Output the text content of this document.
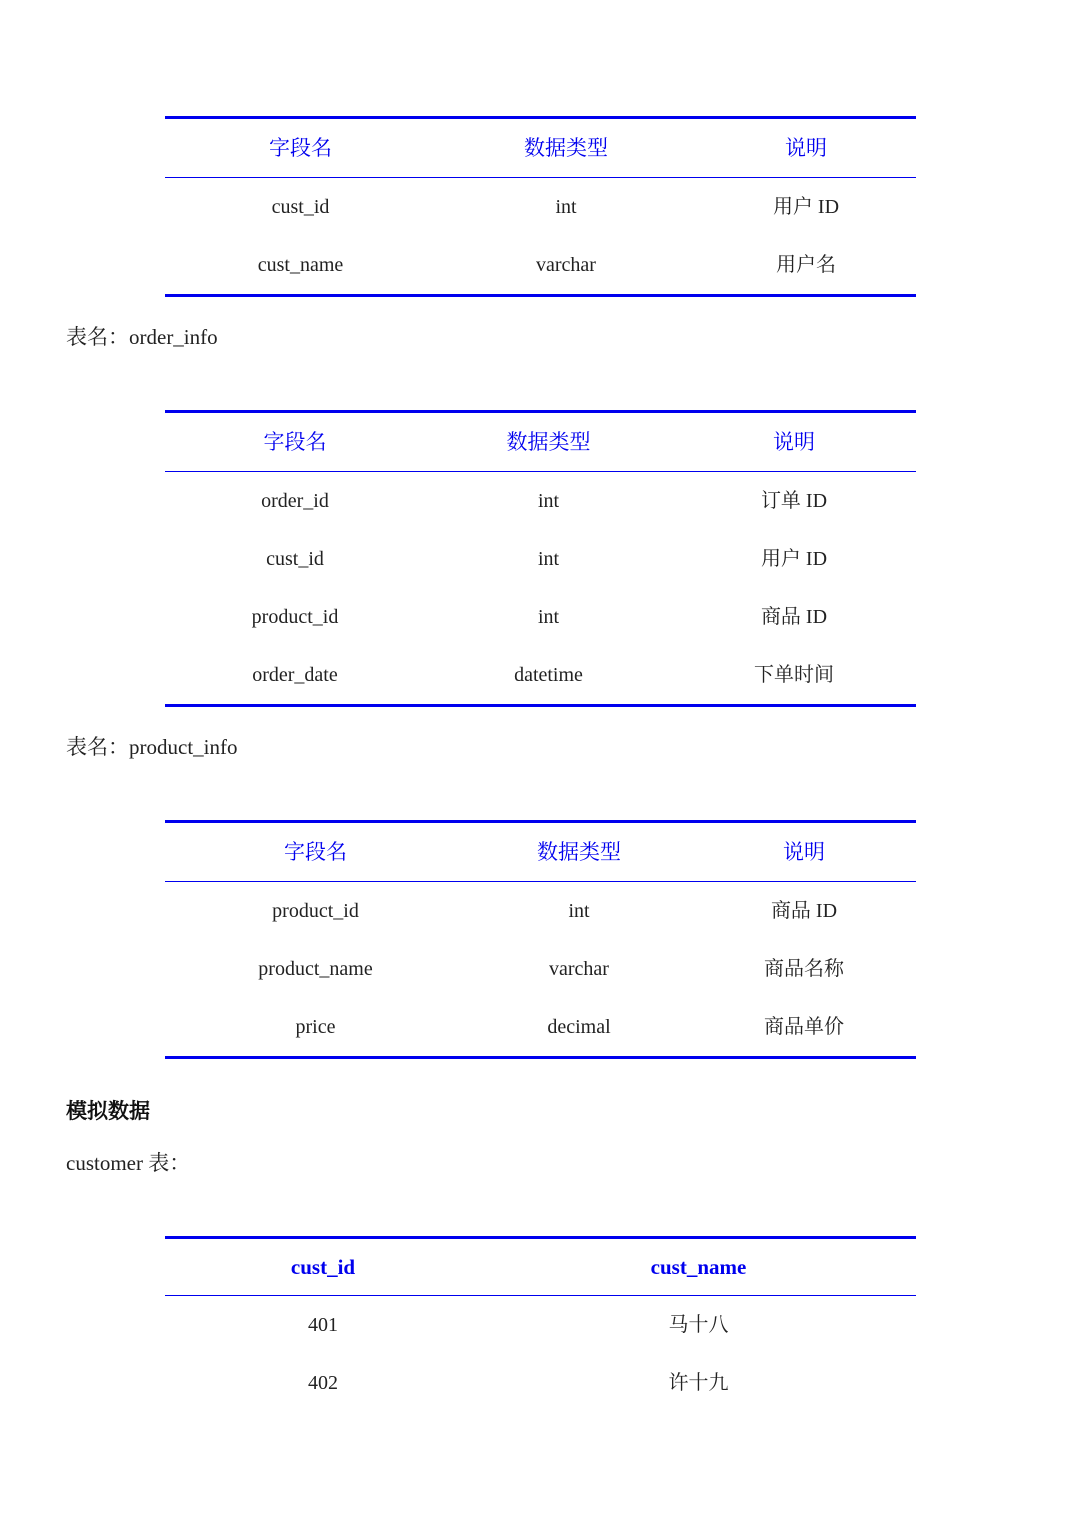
字段名	数据类型	说明
cust_id	int	用户 ID
cust_name	varchar	用户名
表名：order_info
字段名	数据类型	说明
order_id	int	订单 ID
cust_id	int	用户 ID
product_id	int	商品 ID
order_date	datetime	下单时间
表名：product_info
字段名	数据类型	说明
product_id	int	商品 ID
product_name	varchar	商品名称
price	decimal	商品单价
模拟数据
customer 表：
cust_id	cust_name
401	马十八
402	许十九
